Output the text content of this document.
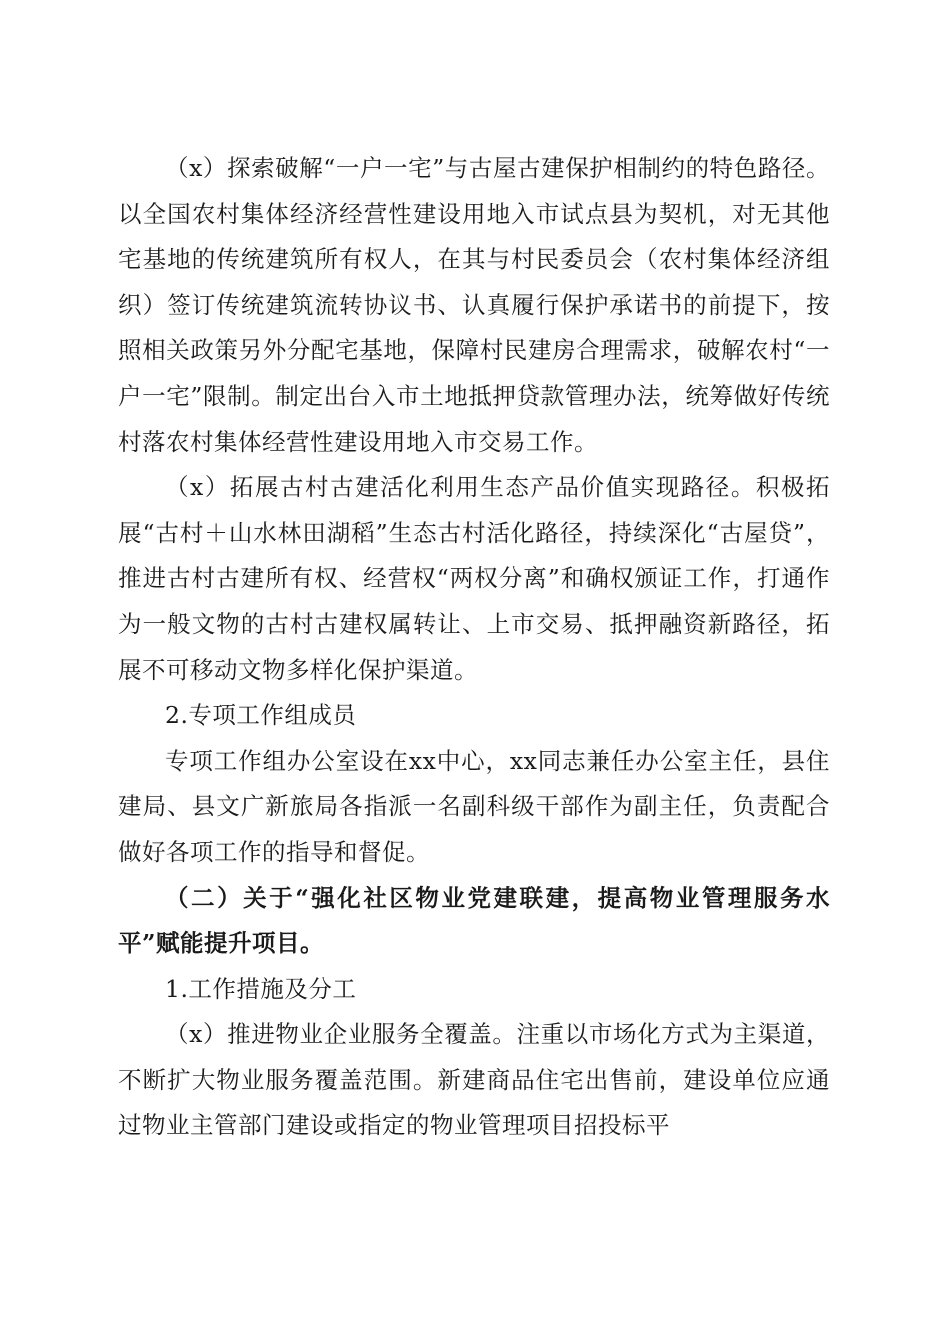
（x）探索破解“一户一宅”与古屋古建保护相制约的特色路径。以全国农村集体经济经营性建设用地入市试点县为契机，对无其他宅基地的传统建筑所有权人，在其与村民委员会（农村集体经济组织）签订传统建筑流转协议书、认真履行保护承诺书的前提下，按照相关政策另外分配宅基地，保障村民建房合理需求，破解农村“一户一宅”限制。制定出台入市土地抵押贷款管理办法，统筹做好传统村落农村集体经营性建设用地入市交易工作。

（x）拓展古村古建活化利用生态产品价值实现路径。积极拓展“古村＋山水林田湖稻”生态古村活化路径，持续深化“古屋贷”，推进古村古建所有权、经营权“两权分离”和确权颁证工作，打通作为一般文物的古村古建权属转让、上市交易、抵押融资新路径，拓展不可移动文物多样化保护渠道。

2.专项工作组成员

专项工作组办公室设在xx中心，xx同志兼任办公室主任，县住建局、县文广新旅局各指派一名副科级干部作为副主任，负责配合做好各项工作的指导和督促。

（二）关于“强化社区物业党建联建，提高物业管理服务水平”赋能提升项目。

1.工作措施及分工

（x）推进物业企业服务全覆盖。注重以市场化方式为主渠道，不断扩大物业服务覆盖范围。新建商品住宅出售前，建设单位应通过物业主管部门建设或指定的物业管理项目招投标平
